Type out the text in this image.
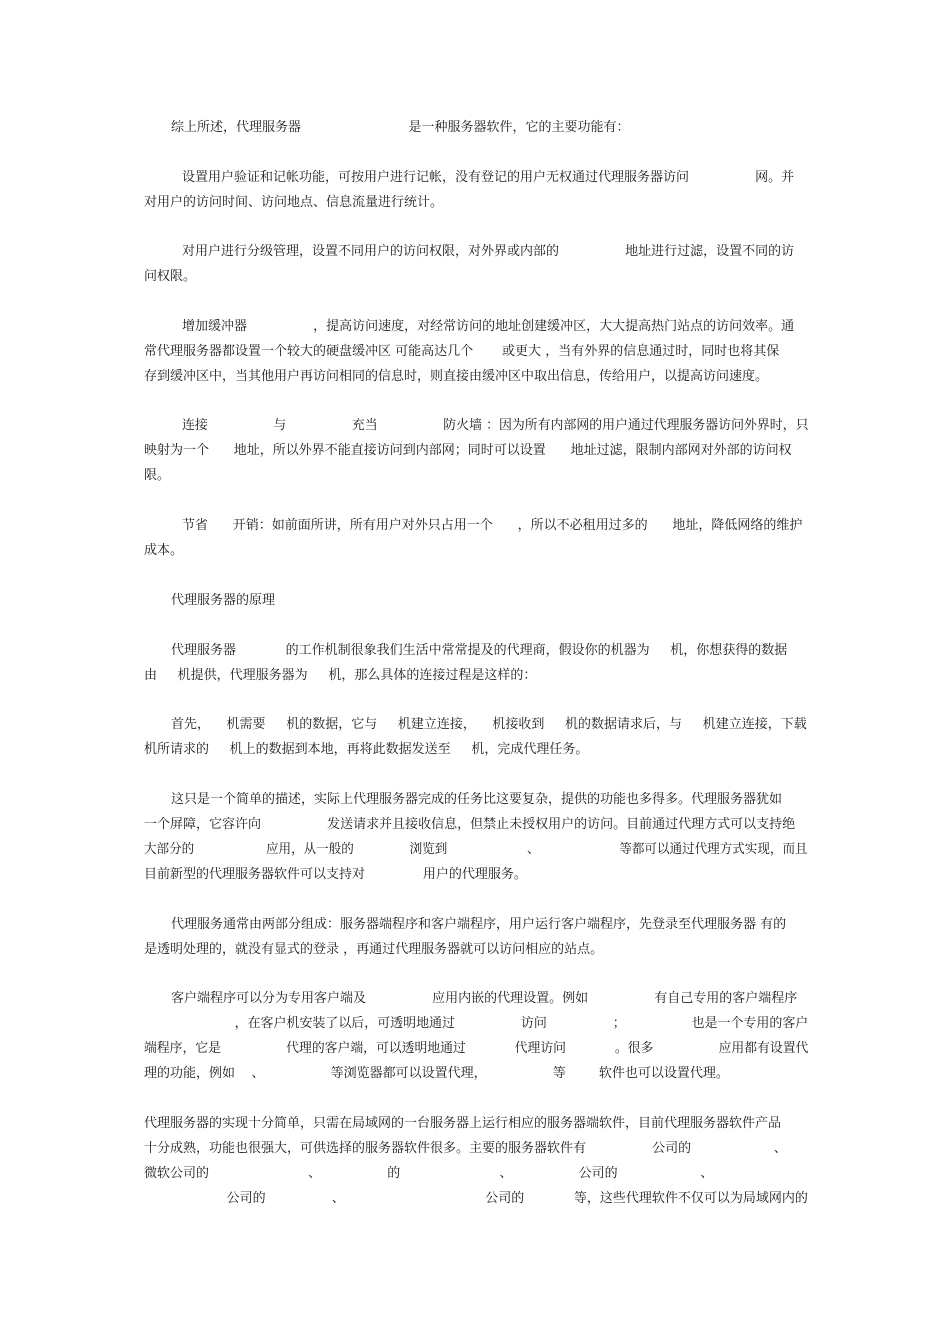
综上所述，代理服务器                          是一种服务器软件，它的主要功能有：
设置用户验证和记帐功能，可按用户进行记帐，没有登记的用户无权通过代理服务器访问                网。并
对用户的访问时间、访问地点、信息流量进行统计。
对用户进行分级管理，设置不同用户的访问权限，对外界或内部的                地址进行过滤，设置不同的访
问权限。
增加缓冲器                ，提高访问速度，对经常访问的地址创建缓冲区，大大提高热门站点的访问效率。通
常代理服务器都设置一个较大的硬盘缓冲区 可能高达几个       或更大 ，当有外界的信息通过时，同时也将其保
存到缓冲区中，当其他用户再访问相同的信息时，则直接由缓冲区中取出信息，传给用户，以提高访问速度。
连接                与                充当                防火墙 ：因为所有内部网的用户通过代理服务器访问外界时，只
映射为一个      地址，所以外界不能直接访问到内部网；同时可以设置      地址过滤，限制内部网对外部的访问权
限。
节省      开销：如前面所讲，所有用户对外只占用一个      ，所以不必租用过多的      地址，降低网络的维护
成本。
代理服务器的原理
代理服务器            的工作机制很象我们生活中常常提及的代理商，假设你的机器为     机，你想获得的数据
由     机提供，代理服务器为     机，那么具体的连接过程是这样的：
首先，    机需要     机的数据，它与     机建立连接，    机接收到     机的数据请求后，与     机建立连接，下载
机所请求的     机上的数据到本地，再将此数据发送至     机，完成代理任务。
这只是一个简单的描述，实际上代理服务器完成的任务比这要复杂，提供的功能也多得多。代理服务器犹如
一个屏障，它容许向                发送请求并且接收信息，但禁止未授权用户的访问。目前通过代理方式可以支持绝
大部分的                  应用，从一般的              浏览到                    、                    等都可以通过代理方式实现，而且
目前新型的代理服务器软件可以支持对              用户的代理服务。
代理服务通常由两部分组成：服务器端程序和客户端程序，用户运行客户端程序，先登录至代理服务器 有的
是透明处理的，就没有显式的登录 ，再通过代理服务器就可以访问相应的站点。
客户端程序可以分为专用客户端及                应用内嵌的代理设置。例如                有自己专用的客户端程序
，在客户机安装了以后，可透明地通过                访问                ；                也是一个专用的客户
端程序，它是                代理的客户端，可以透明地通过            代理访问            。很多                应用都有设置代
理的功能，例如    、                等浏览器都可以设置代理，                等        软件也可以设置代理。
代理服务器的实现十分简单，只需在局域网的一台服务器上运行相应的服务器端软件，目前代理服务器软件产品
十分成熟，功能也很强大，可供选择的服务器软件很多。主要的服务器软件有                公司的                    、
微软公司的                        、                的                        、                公司的                    、
公司的                、                                  公司的            等，这些代理软件不仅可以为局域网内的
